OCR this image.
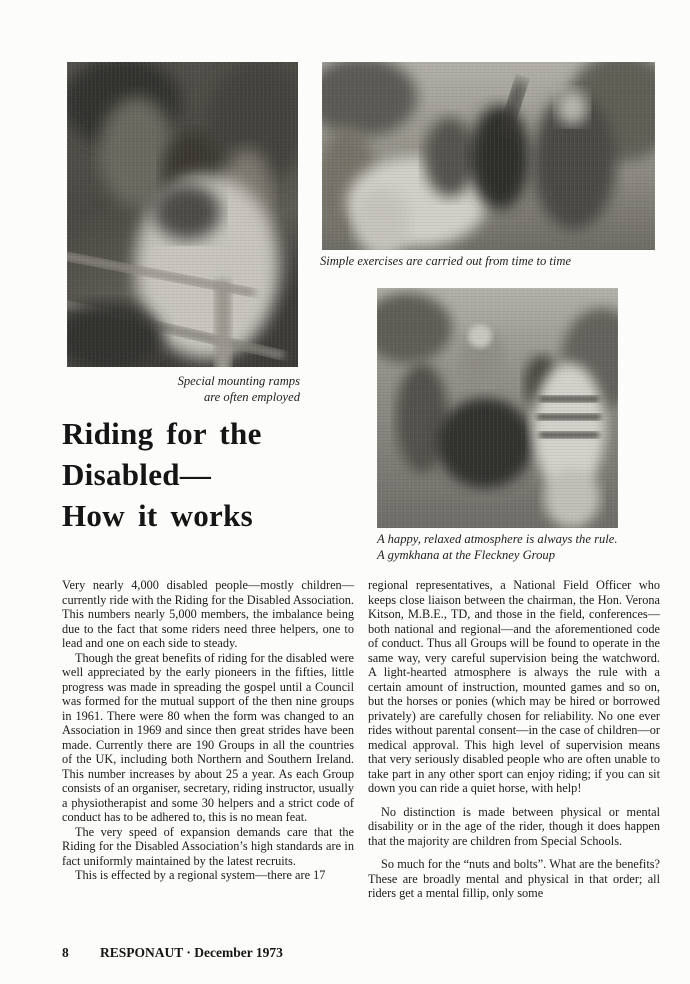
Special mounting ramps
are often employed
Simple exercises are carried out from time to time
A happy, relaxed atmosphere is always the rule.
A gymkhana at the Fleckney Group
Riding for the
Disabled—
How it works

Very nearly 4,000 disabled people—mostly children—currently ride with the Riding for the Disabled Association. This numbers nearly 5,000 members, the imbalance being due to the fact that some riders need three helpers, one to lead and one on each side to steady.

Though the great benefits of riding for the disabled were well appreciated by the early pioneers in the fifties, little progress was made in spreading the gospel until a Council was formed for the mutual support of the then nine groups in 1961. There were 80 when the form was changed to an Association in 1969 and since then great strides have been made. Currently there are 190 Groups in all the countries of the UK, including both Northern and Southern Ireland. This number increases by about 25 a year. As each Group consists of an organiser, secretary, riding instructor, usually a physiotherapist and some 30 helpers and a strict code of conduct has to be adhered to, this is no mean feat.

The very speed of expansion demands care that the Riding for the Disabled Association’s high standards are in fact uniformly maintained by the latest recruits.

This is effected by a regional system—there are 17

regional representatives, a National Field Officer who keeps close liaison between the chairman, the Hon. Verona Kitson, M.B.E., TD, and those in the field, conferences—both national and regional—and the aforementioned code of conduct. Thus all Groups will be found to operate in the same way, very careful supervision being the watchword. A light-hearted atmosphere is always the rule with a certain amount of instruction, mounted games and so on, but the horses or ponies (which may be hired or borrowed privately) are carefully chosen for reliability. No one ever rides without parental consent—in the case of children—or medical approval. This high level of supervision means that very seriously disabled people who are often unable to take part in any other sport can enjoy riding; if you can sit down you can ride a quiet horse, with help!

No distinction is made between physical or mental disability or in the age of the rider, though it does happen that the majority are children from Special Schools.

So much for the “nuts and bolts”. What are the benefits? These are broadly mental and physical in that order; all riders get a mental fillip, only some

8 RESPONAUT · December 1973
